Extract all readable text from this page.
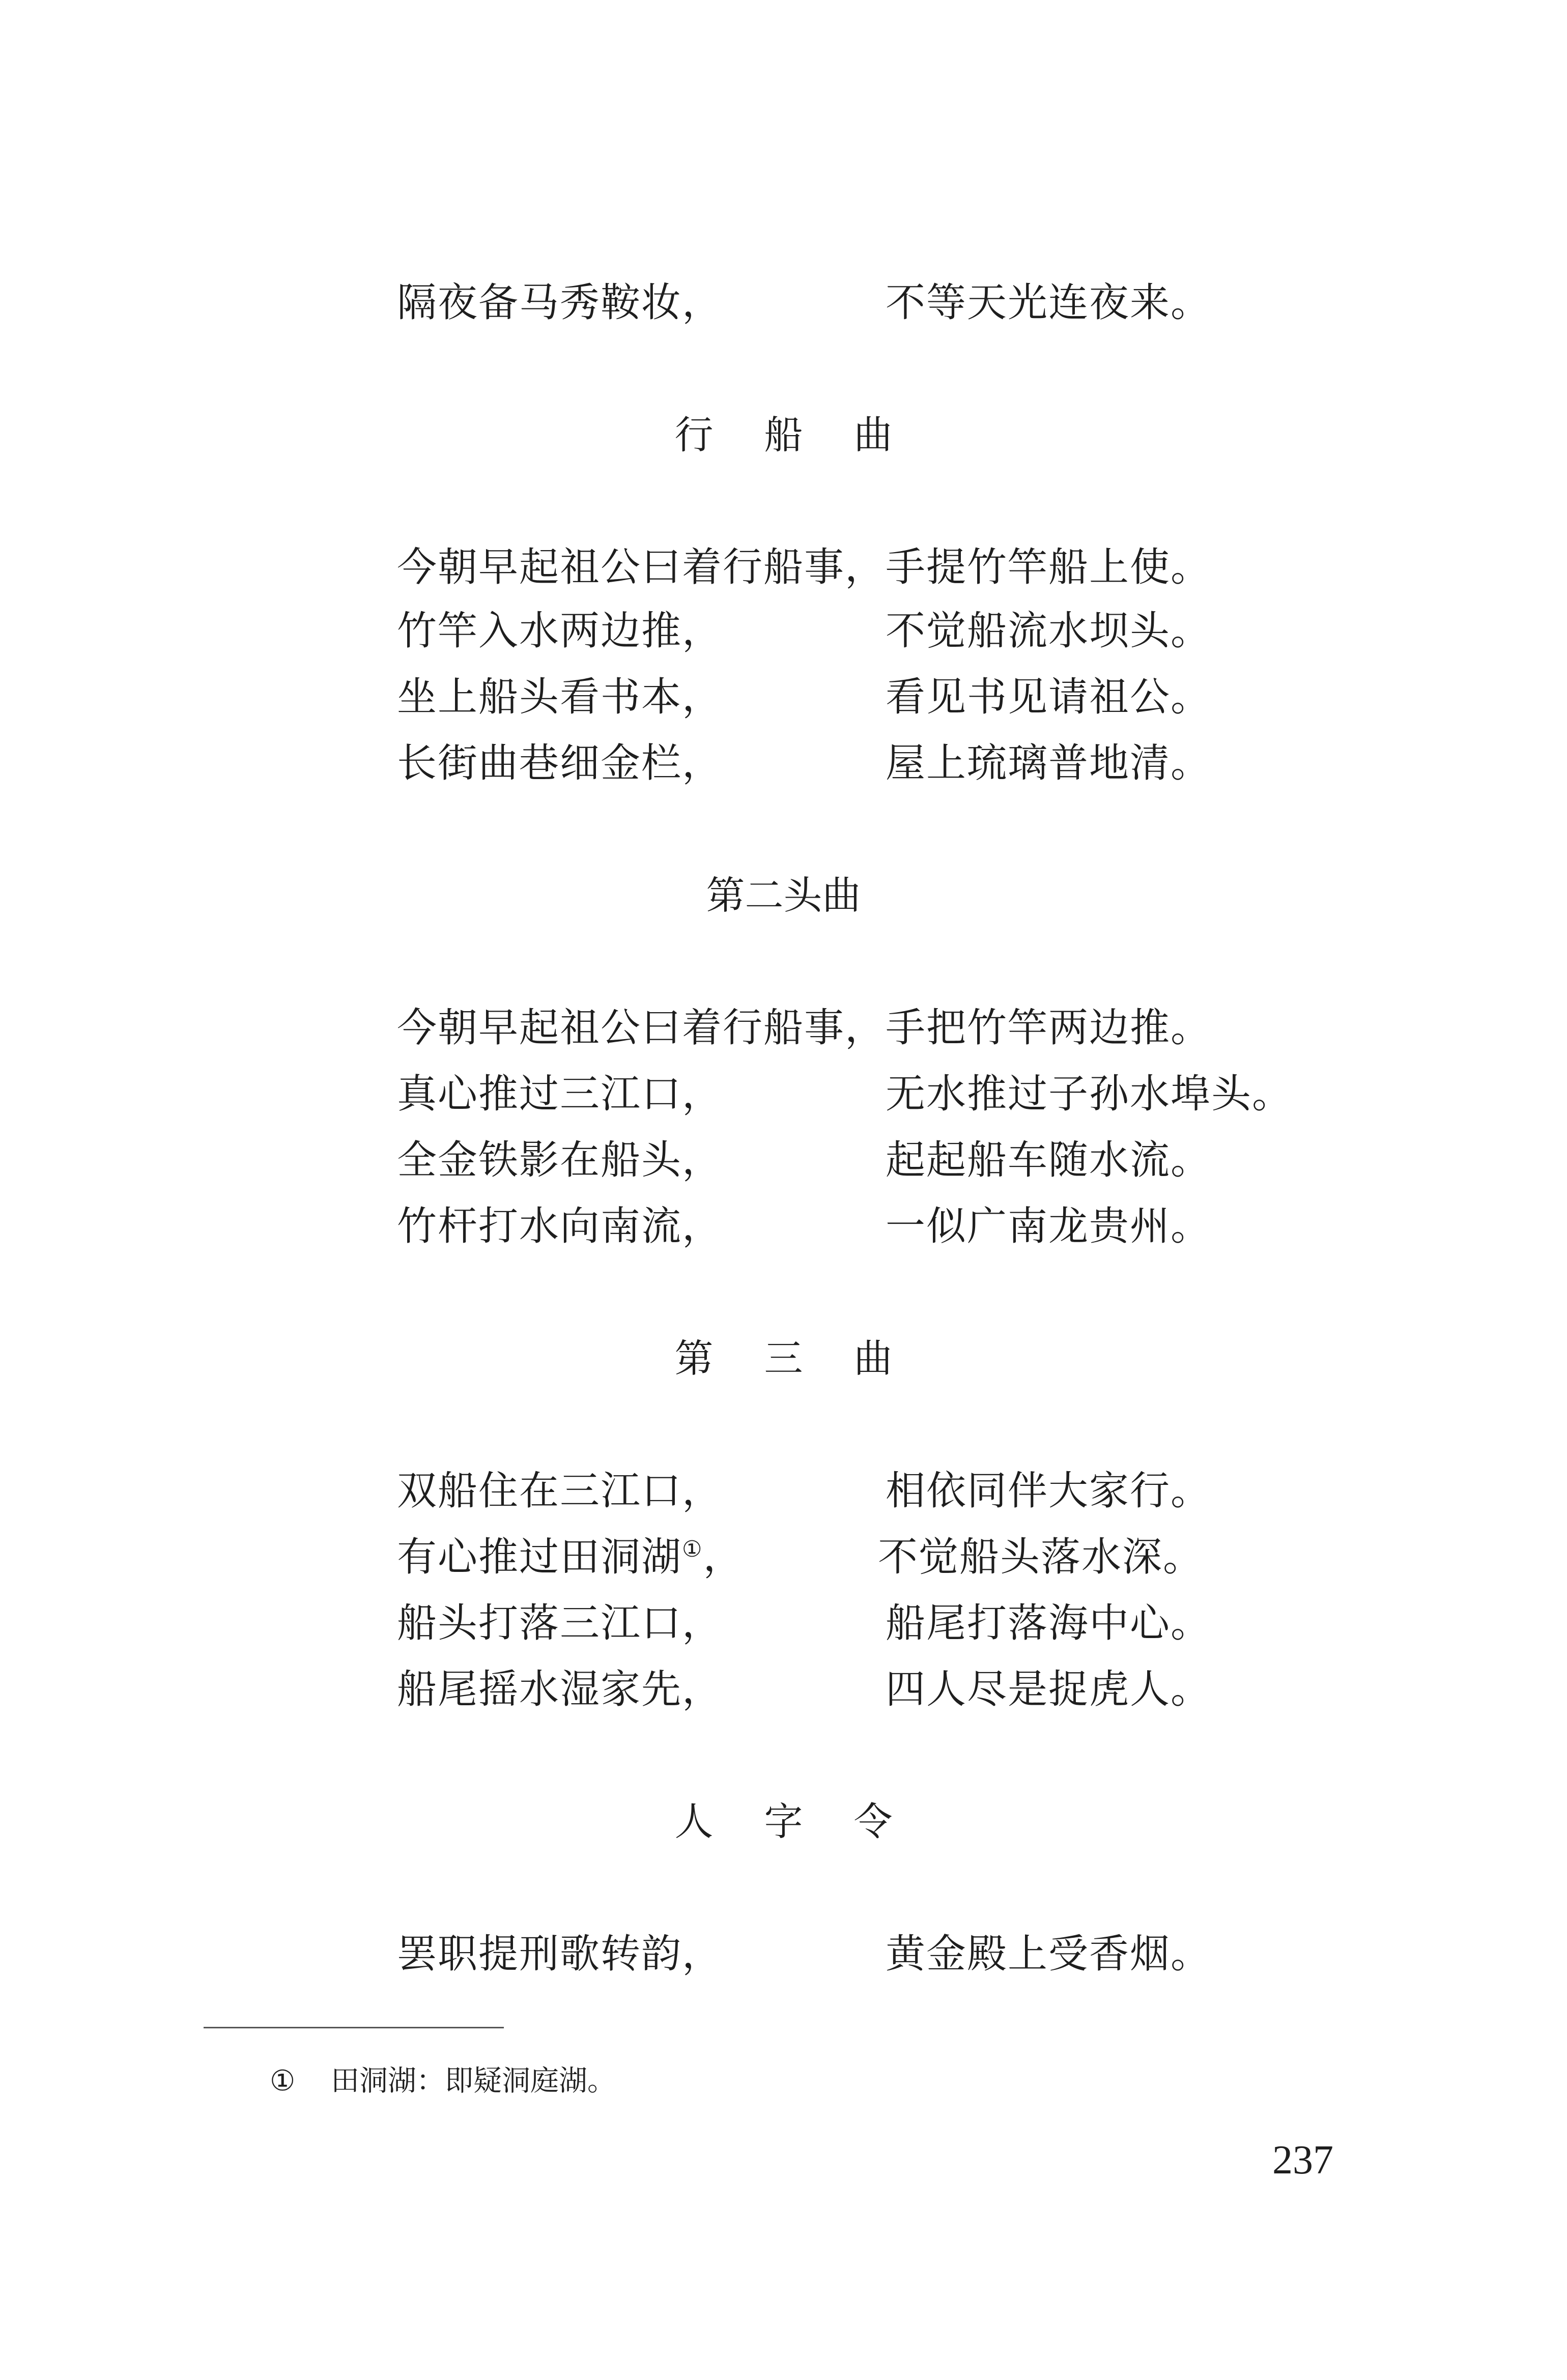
隔夜备马秀鞍妆，	不等天光连夜来。
行船曲
今朝早起祖公曰着行船事，手提竹竿船上使。
竹竿入水两边推，	不觉船流水坝头。
坐上船头看书本，	看见书见请祖公。
长街曲巷细金栏，	屋上琉璃普地清。
第二头曲
今朝早起祖公曰着行船事，手把竹竿两边推。
真心推过三江口，	无水推过子孙水埠头。
全金铁影在船头，	起起船车随水流。
竹杆打水向南流，	一似广南龙贵州。
第三曲
双船住在三江口，	相依同伴大家行。
有心推过田洞湖①，	不觉船头落水深。
船头打落三江口，	船尾打落海中心。
船尾摇水湿家先，	四人尽是捉虎人。
人字令
罢职提刑歌转韵，	黄金殿上受香烟。
① 田洞湖：即疑洞庭湖。
237
